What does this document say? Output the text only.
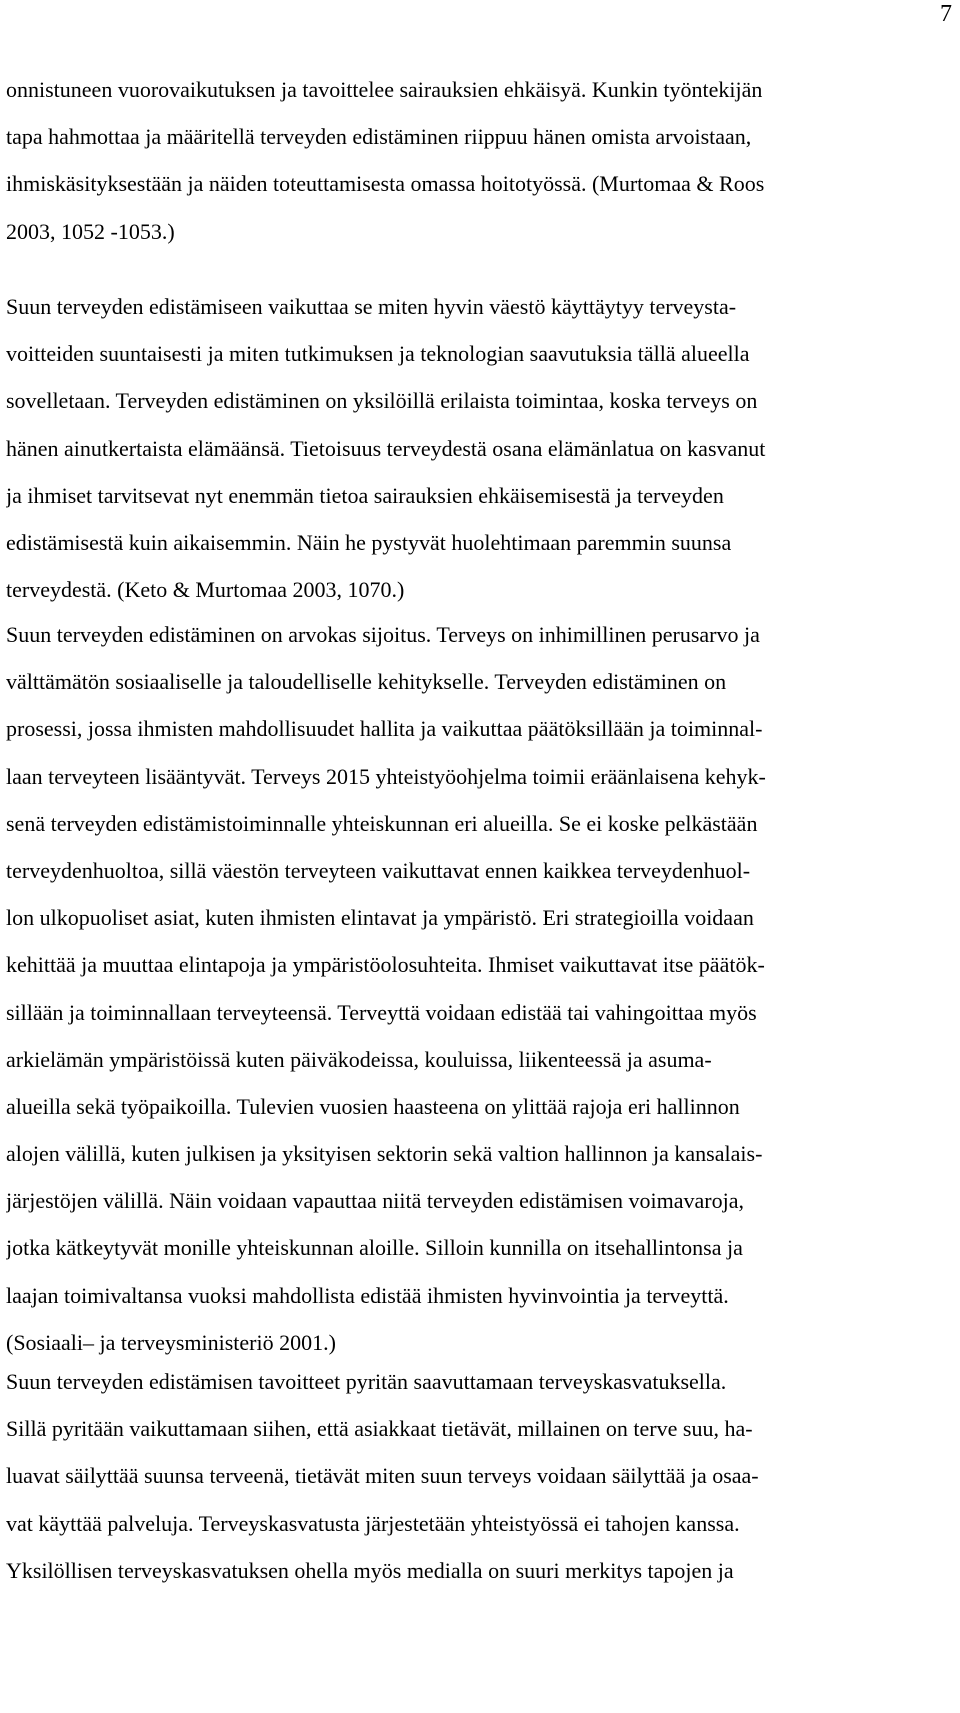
7
onnistuneen vuorovaikutuksen ja tavoittelee sairauksien ehkäisyä. Kunkin työntekijän
tapa hahmottaa ja määritellä terveyden edistäminen riippuu hänen omista arvoistaan,
ihmiskäsityksestään ja näiden toteuttamisesta omassa hoitotyössä. (Murtomaa & Roos
2003, 1052 -1053.)
Suun terveyden edistämiseen vaikuttaa se miten hyvin väestö käyttäytyy terveysta-
voitteiden suuntaisesti ja miten tutkimuksen ja teknologian saavutuksia tällä alueella
sovelletaan. Terveyden edistäminen on yksilöillä erilaista toimintaa, koska terveys on
hänen ainutkertaista elämäänsä. Tietoisuus terveydestä osana elämänlatua on kasvanut
ja ihmiset tarvitsevat nyt enemmän tietoa sairauksien ehkäisemisestä ja terveyden
edistämisestä kuin aikaisemmin. Näin he pystyvät huolehtimaan paremmin suunsa
terveydestä. (Keto & Murtomaa 2003, 1070.)
Suun terveyden edistäminen on arvokas sijoitus. Terveys on inhimillinen perusarvo ja
välttämätön sosiaaliselle ja taloudelliselle kehitykselle. Terveyden edistäminen on
prosessi, jossa ihmisten mahdollisuudet hallita ja vaikuttaa päätöksillään ja toiminnal-
laan terveyteen lisääntyvät. Terveys 2015 yhteistyöohjelma toimii eräänlaisena kehyk-
senä terveyden edistämistoiminnalle yhteiskunnan eri alueilla. Se ei koske pelkästään
terveydenhuoltoa, sillä väestön terveyteen vaikuttavat ennen kaikkea terveydenhuol-
lon ulkopuoliset asiat, kuten ihmisten elintavat ja ympäristö. Eri strategioilla voidaan
kehittää ja muuttaa elintapoja ja ympäristöolosuhteita. Ihmiset vaikuttavat itse päätök-
sillään ja toiminnallaan terveyteensä. Terveyttä voidaan edistää tai vahingoittaa myös
arkielämän ympäristöissä kuten päiväkodeissa, kouluissa, liikenteessä ja asuma-
alueilla sekä työpaikoilla. Tulevien vuosien haasteena on ylittää rajoja eri hallinnon
alojen välillä, kuten julkisen ja yksityisen sektorin sekä valtion hallinnon ja kansalais-
järjestöjen välillä. Näin voidaan vapauttaa niitä terveyden edistämisen voimavaroja,
jotka kätkeytyvät monille yhteiskunnan aloille. Silloin kunnilla on itsehallintonsa ja
laajan toimivaltansa vuoksi mahdollista edistää ihmisten hyvinvointia ja terveyttä.
(Sosiaali– ja terveysministeriö 2001.)
Suun terveyden edistämisen tavoitteet pyritän saavuttamaan terveyskasvatuksella.
Sillä pyritään vaikuttamaan siihen, että asiakkaat tietävät, millainen on terve suu, ha-
luavat säilyttää suunsa terveenä, tietävät miten suun terveys voidaan säilyttää ja osaa-
vat käyttää palveluja. Terveyskasvatusta järjestetään yhteistyössä ei tahojen kanssa.
Yksilöllisen terveyskasvatuksen ohella myös medialla on suuri merkitys tapojen ja
